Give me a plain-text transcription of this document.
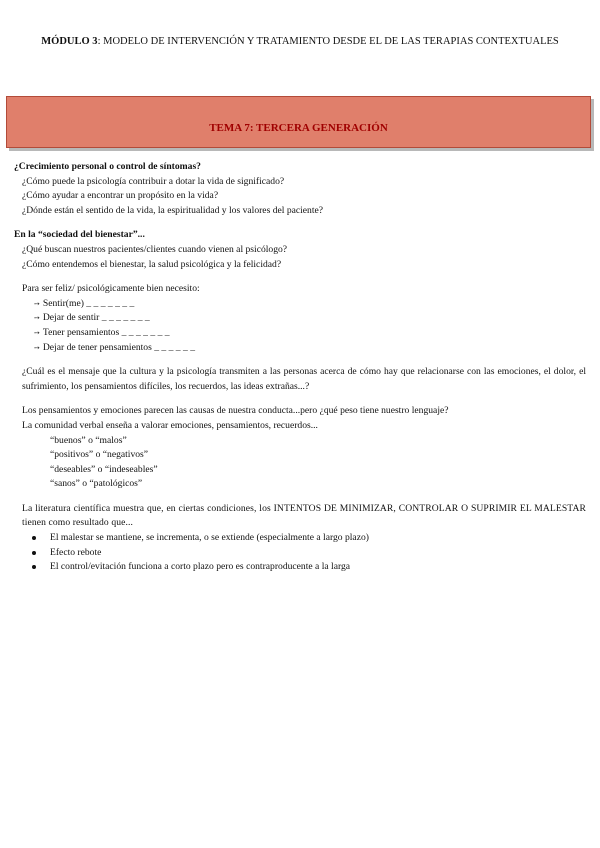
MÓDULO 3: MODELO DE INTERVENCIÓN Y TRATAMIENTO DESDE EL DE LAS TERAPIAS CONTEXTUALES
TEMA 7: TERCERA GENERACIÓN
¿Crecimiento personal o control de síntomas?
¿Cómo puede la psicología contribuir a dotar la vida de significado?
¿Cómo ayudar a encontrar un propósito en la vida?
¿Dónde están el sentido de la vida, la espiritualidad y los valores del paciente?
En la “sociedad del bienestar”...
¿Qué buscan nuestros pacientes/clientes cuando vienen al psicólogo?
¿Cómo entendemos el bienestar, la salud psicológica y la felicidad?
Para ser feliz/ psicológicamente bien necesito:
➙ Sentir(me) _ _ _ _ _ _ _
➙ Dejar de sentir _ _ _ _ _ _ _
➙ Tener pensamientos _ _ _ _ _ _ _
➙ Dejar de tener pensamientos _ _ _ _ _ _
¿Cuál es el mensaje que la cultura y la psicología transmiten a las personas acerca de cómo hay que relacionarse con las emociones, el dolor, el sufrimiento, los pensamientos difíciles, los recuerdos, las ideas extrañas...?
Los pensamientos y emociones parecen las causas de nuestra conducta...pero ¿qué peso tiene nuestro lenguaje?
La comunidad verbal enseña a valorar emociones, pensamientos, recuerdos...
“buenos” o “malos”
“positivos” o “negativos”
“deseables” o “indeseables”
“sanos” o “patológicos”
La literatura científica muestra que, en ciertas condiciones, los INTENTOS DE MINIMIZAR, CONTROLAR O SUPRIMIR EL MALESTAR tienen como resultado que...
El malestar se mantiene, se incrementa, o se extiende (especialmente a largo plazo)
Efecto rebote
El control/evitación funciona a corto plazo pero es contraproducente a la larga
